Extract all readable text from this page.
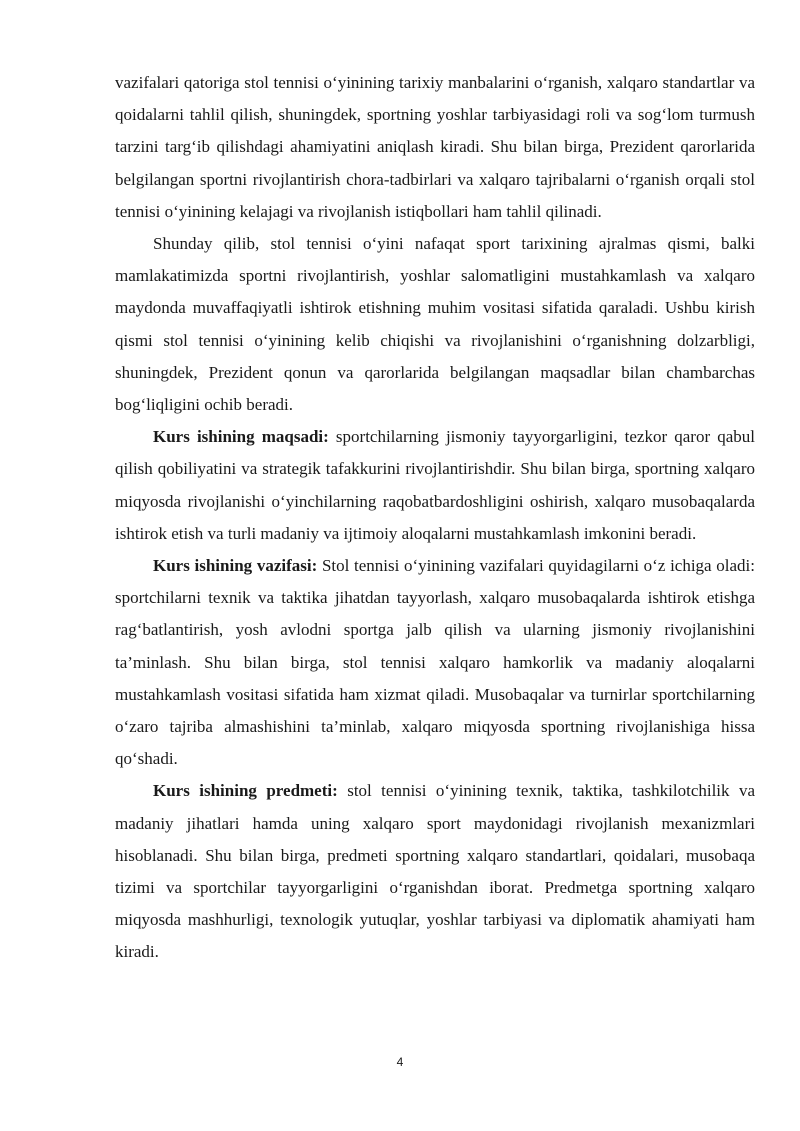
vazifalari qatoriga stol tennisi o‘yinining tarixiy manbalarini o‘rganish, xalqaro standartlar va qoidalarni tahlil qilish, shuningdek, sportning yoshlar tarbiyasidagi roli va sog‘lom turmush tarzini targ‘ib qilishdagi ahamiyatini aniqlash kiradi. Shu bilan birga, Prezident qarorlarida belgilangan sportni rivojlantirish chora-tadbirlari va xalqaro tajribalarni o‘rganish orqali stol tennisi o‘yinining kelajagi va rivojlanish istiqbollari ham tahlil qilinadi.

Shunday qilib, stol tennisi o‘yini nafaqat sport tarixining ajralmas qismi, balki mamlakatimizda sportni rivojlantirish, yoshlar salomatligini mustahkamlash va xalqaro maydonda muvaffaqiyatli ishtirok etishning muhim vositasi sifatida qaraladi. Ushbu kirish qismi stol tennisi o‘yinining kelib chiqishi va rivojlanishini o‘rganishning dolzarbligi, shuningdek, Prezident qonun va qarorlarida belgilangan maqsadlar bilan chambarchas bog‘liqligini ochib beradi.

Kurs ishining maqsadi: sportchilarning jismoniy tayyorgarligini, tezkor qaror qabul qilish qobiliyatini va strategik tafakkurini rivojlantirishdir. Shu bilan birga, sportning xalqaro miqyosda rivojlanishi o‘yinchilarning raqobatbardoshligini oshirish, xalqaro musobaqalarda ishtirok etish va turli madaniy va ijtimoiy aloqalarni mustahkamlash imkonini beradi.

Kurs ishining vazifasi: Stol tennisi o‘yinining vazifalari quyidagilarni o‘z ichiga oladi: sportchilarni texnik va taktika jihatdan tayyorlash, xalqaro musobaqalarda ishtirok etishga rag‘batlantirish, yosh avlodni sportga jalb qilish va ularning jismoniy rivojlanishini ta’minlash. Shu bilan birga, stol tennisi xalqaro hamkorlik va madaniy aloqalarni mustahkamlash vositasi sifatida ham xizmat qiladi. Musobaqalar va turnirlar sportchilarning o‘zaro tajriba almashishini ta’minlab, xalqaro miqyosda sportning rivojlanishiga hissa qo‘shadi.

Kurs ishining predmeti: stol tennisi o‘yinining texnik, taktika, tashkilotchilik va madaniy jihatlari hamda uning xalqaro sport maydonidagi rivojlanish mexanizmlari hisoblanadi. Shu bilan birga, predmeti sportning xalqaro standartlari, qoidalari, musobaqa tizimi va sportchilar tayyorgarligini o‘rganishdan iborat. Predmetga sportning xalqaro miqyosda mashhurligi, texnologik yutuqlar, yoshlar tarbiyasi va diplomatik ahamiyati ham kiradi.

4
